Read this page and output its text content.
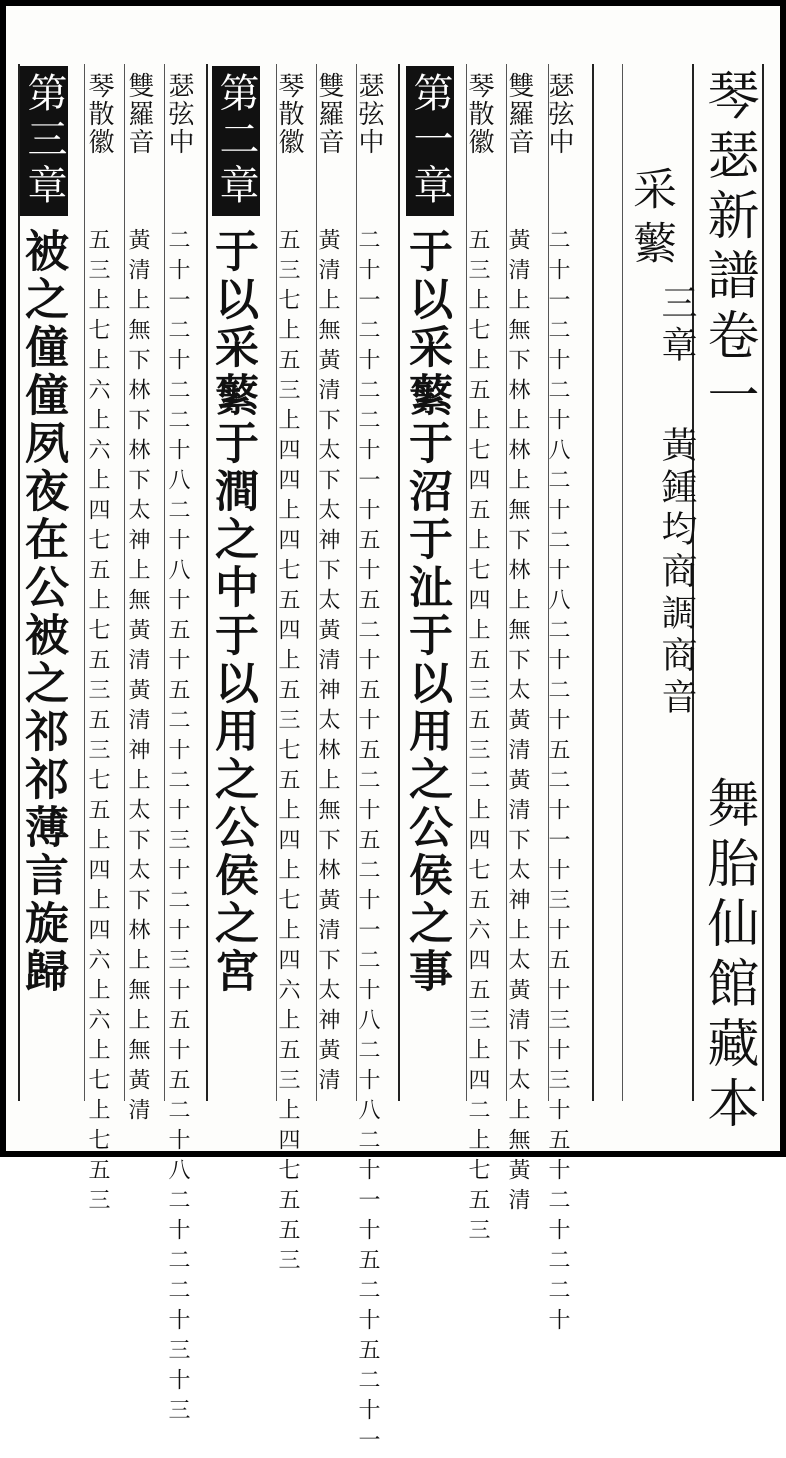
琴瑟新譜卷一
舞胎仙館藏本
采蘩
三章
黃鍾均商調商音
第一章
于以采蘩于沼于沚于以用之公侯之事
瑟弦中
雙羅音
琴散徽
二十一二十二十八二十二十八二十二十五二十一十三十五十三十三十五十二十二二十
黃清上無下林上林上無下林上無下太黃清黃清下太神上太黃清下太上無黃清
五三上七上五上七四五上七四上五三五三二上四七五六四五三上四二上七五三
第二章
于以采蘩于澗之中于以用之公侯之宮
瑟弦中
雙羅音
琴散徽
二十一二十二二十一十五十五二十五十五二十五二十一二十八二十八二十一十五二十五二十一
黃清上無黃清下太下太神下太黃清神太林上無下林黃清下太神黃清
五三七上五三上四四上四七五四上五三七五上四上七上四六上五三上四七五五三
第三章
被之僮僮夙夜在公被之祁祁薄言旋歸
瑟弦中
雙羅音
琴散徽
二十一二十二二十八二十八十五十五二十二十三十二十三十五十五二十八二十二二十三十三
黃清上無下林下林下太神上無黃清黃清神上太下太下林上無上無黃清
五三上七上六上六上四七五上七五三五三七五上四上四六上六上七上七五三
